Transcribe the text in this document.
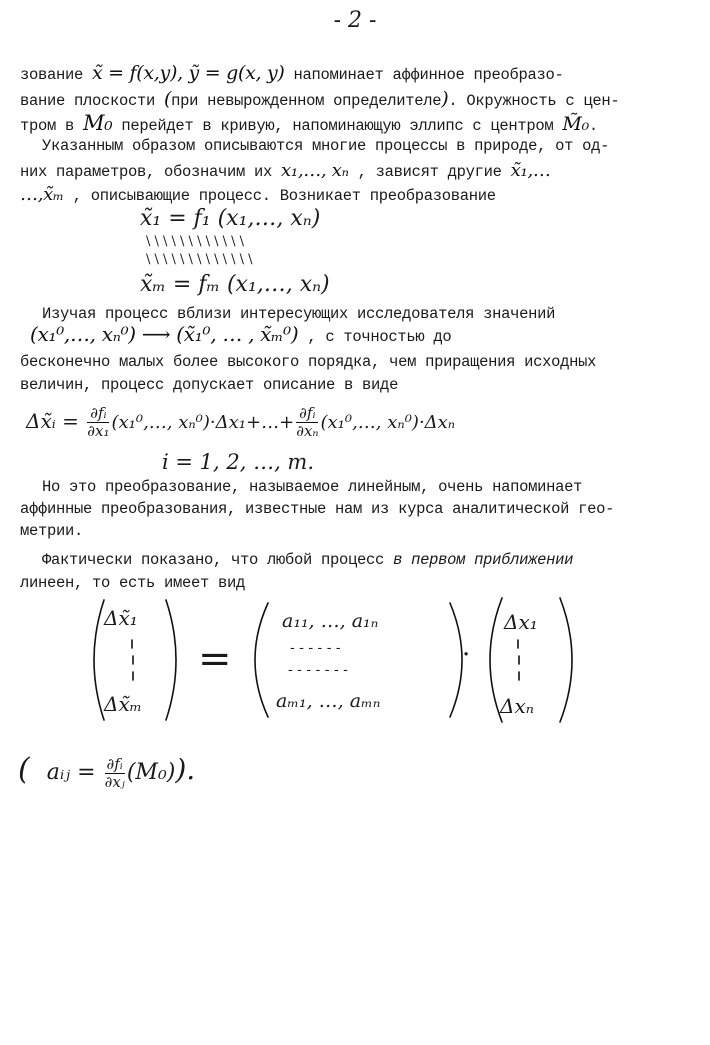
- 2 -
зование x̃ = f(x,y), ỹ = g(x, y) напоминает аффинное преобразо-
вание плоскости (при невырожденном определителе). Окружность с цен-
тром в M₀ перейдет в кривую, напоминающую эллипс с центром M̃₀.
Указанным образом описываются многие процессы в природе, от од-
них параметров, обозначим их x₁,…, xₙ , зависят другие x̃₁,…
…,x̃ₘ , описывающие процесс. Возникает преобразование
x̃₁ = f₁ (x₁,…, xₙ)
\ \ \ \ \ \ \ \ \ \ \ \
\ \ \ \ \ \ \ \ \ \ \ \ \
x̃ₘ = fₘ (x₁,…, xₙ)
Изучая процесс вблизи интересующих исследователя значений
(x₁⁰,…, xₙ⁰) ⟶ (x̃₁⁰, … , x̃ₘ⁰) , с точностью до
бесконечно малых более высокого порядка, чем приращения исходных
величин, процесс допускает описание в виде
Δx̃ᵢ = $\frac{\text{∂fᵢ}}{\text{∂x₁}}$ (x₁⁰,…, xₙ⁰)·Δx₁+…+ $\frac{\text{∂fᵢ}}{\text{∂xₙ}}$ (x₁⁰,…, xₙ⁰)·Δxₙ
i = 1, 2, …, m.
Но это преобразование, называемое линейным, очень напоминает
аффинные преобразования, известные нам из курса аналитической гео-
метрии.
Фактически показано, что любой процесс в первом приближении
линеен, то есть имеет вид
Δx̃₁
Δx̃ₘ
=
a₁₁, …, a₁ₙ
‐ ‐ ‐ ‐ ‐ ‐
‐ ‐ ‐ ‐ ‐ ‐ ‐
aₘ₁, …, aₘₙ
·
Δx₁
Δxₙ
( aᵢⱼ = $\frac{\text{∂fᵢ}}{\text{∂xⱼ}} (M_0)$).
